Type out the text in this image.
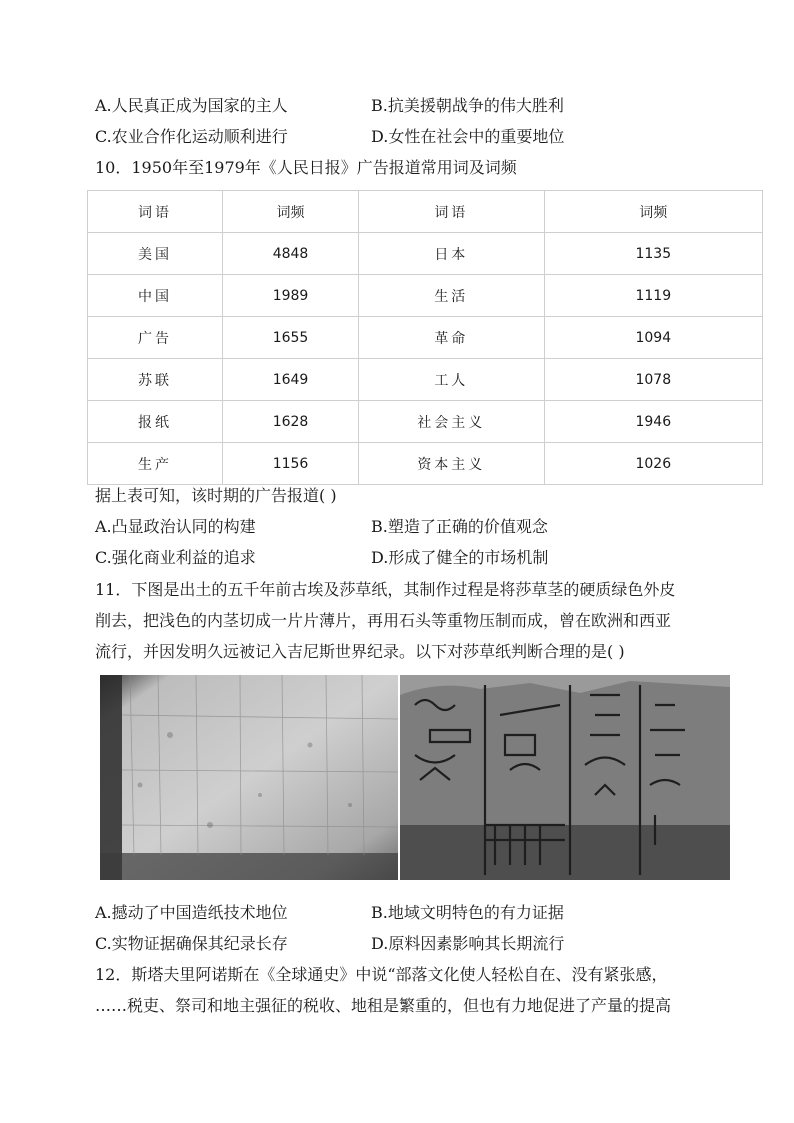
A.人民真正成为国家的主人	B.抗美援朝战争的伟大胜利
C.农业合作化运动顺利进行	D.女性在社会中的重要地位
10．1950年至1979年《人民日报》广告报道常用词及词频
词语	词频	词语	词频
美国	4848	日本	1135
中国	1989	生活	1119
广告	1655	革命	1094
苏联	1649	工人	1078
报纸	1628	社会主义	1946
生产	1156	资本主义	1026
据上表可知，该时期的广告报道( )
A.凸显政治认同的构建	B.塑造了正确的价值观念
C.强化商业利益的追求	D.形成了健全的市场机制
11．下图是出土的五千年前古埃及莎草纸，其制作过程是将莎草茎的硬质绿色外皮
削去，把浅色的内茎切成一片片薄片，再用石头等重物压制而成，曾在欧洲和西亚
流行，并因发明久远被记入吉尼斯世界纪录。以下对莎草纸判断合理的是( )
A.撼动了中国造纸技术地位	B.地域文明特色的有力证据
C.实物证据确保其纪录长存	D.原料因素影响其长期流行
12．斯塔夫里阿诺斯在《全球通史》中说“部落文化使人轻松自在、没有紧张感，
……税吏、祭司和地主强征的税收、地租是繁重的，但也有力地促进了产量的提高
